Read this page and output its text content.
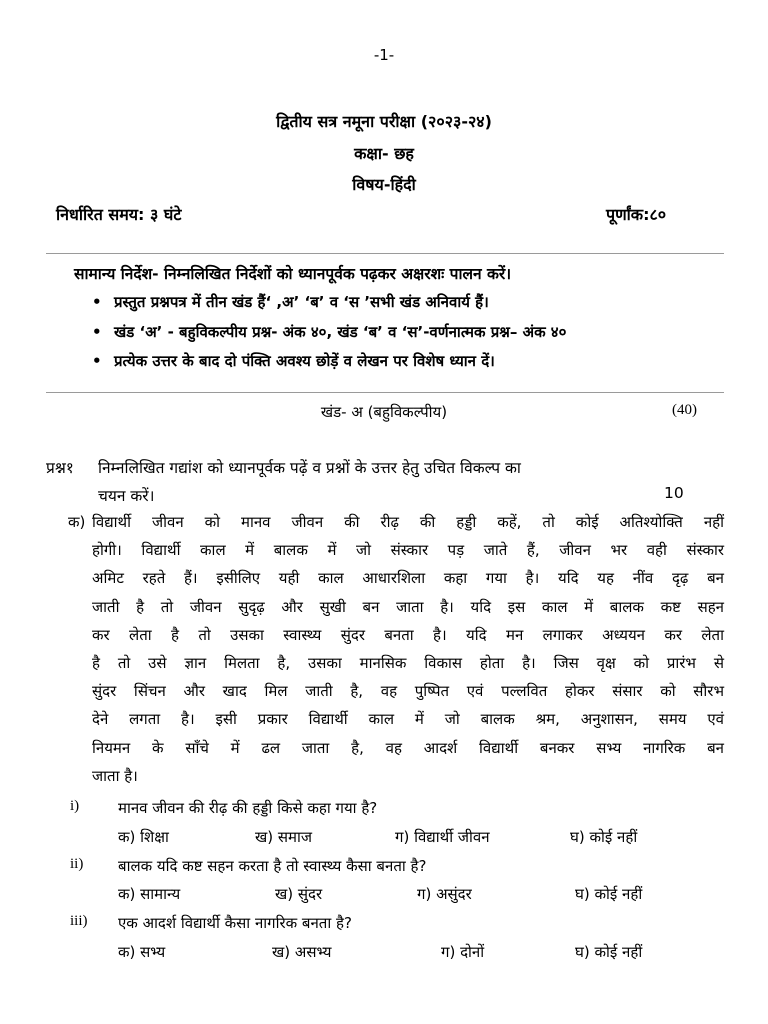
-1-
द्वितीय सत्र नमूना परीक्षा (२०२३-२४)
कक्षा- छह
विषय-हिंदी
निर्धारित समय: ३ घंटे	पूर्णांक:८०
सामान्य निर्देश- निम्नलिखित निर्देशों को ध्यानपूर्वक पढ़कर अक्षरशः पालन करें।
• प्रस्तुत प्रश्नपत्र में तीन खंड हैं‘ ,अ’ ‘ब’ व ‘स ’सभी खंड अनिवार्य हैं।
• खंड ‘अ’ - बहुविकल्पीय प्रश्न- अंक ४०, खंड ‘ब’ व ‘स’-वर्णनात्मक प्रश्न– अंक ४०
• प्रत्येक उत्तर के बाद दो पंक्ति अवश्य छोड़ें व लेखन पर विशेष ध्यान दें।
खंड- अ (बहुविकल्पीय)	(40)
प्रश्न१ निम्नलिखित गद्यांश को ध्यानपूर्वक पढ़ें व प्रश्नों के उत्तर हेतु उचित विकल्प का
चयन करें।	10
क) विद्यार्थी जीवन को मानव जीवन की रीढ़ की हड्डी कहें, तो कोई अतिश्योक्ति नहीं

होगी। विद्यार्थी काल में बालक में जो संस्कार पड़ जाते हैं, जीवन भर वही संस्कार

अमिट रहते हैं। इसीलिए यही काल आधारशिला कहा गया है। यदि यह नींव दृढ़ बन

जाती है तो जीवन सुदृढ़ और सुखी बन जाता है। यदि इस काल में बालक कष्ट सहन

कर लेता है तो उसका स्वास्थ्य सुंदर बनता है। यदि मन लगाकर अध्ययन कर लेता

है तो उसे ज्ञान मिलता है, उसका मानसिक विकास होता है। जिस वृक्ष को प्रारंभ से

सुंदर सिंचन और खाद मिल जाती है, वह पुष्पित एवं पल्लवित होकर संसार को सौरभ

देने लगता है। इसी प्रकार विद्यार्थी काल में जो बालक श्रम, अनुशासन, समय एवं

नियमन के साँचे में ढल जाता है, वह आदर्श विद्यार्थी बनकर सभ्य नागरिक बन

जाता है।

i)	मानव जीवन की रीढ़ की हड्डी किसे कहा गया है?
क) शिक्षा	ख) समाज	ग) विद्यार्थी जीवन	घ) कोई नहीं
ii) बालक यदि कष्ट सहन करता है तो स्वास्थ्य कैसा बनता है?
क) सामान्य	ख) सुंदर	ग) असुंदर	घ) कोई नहीं
iii) एक आदर्श विद्यार्थी कैसा नागरिक बनता है?
क) सभ्य	ख) असभ्य	ग) दोनों	घ) कोई नहीं
